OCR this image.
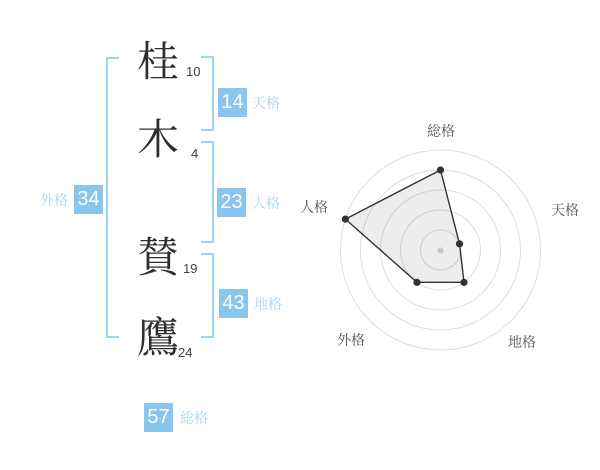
桂 10
木 4
賛 19
鷹 24
14 天格
23 人格
43 地格
外格 34
57 総格
総格
天格
地格
外格
人格
